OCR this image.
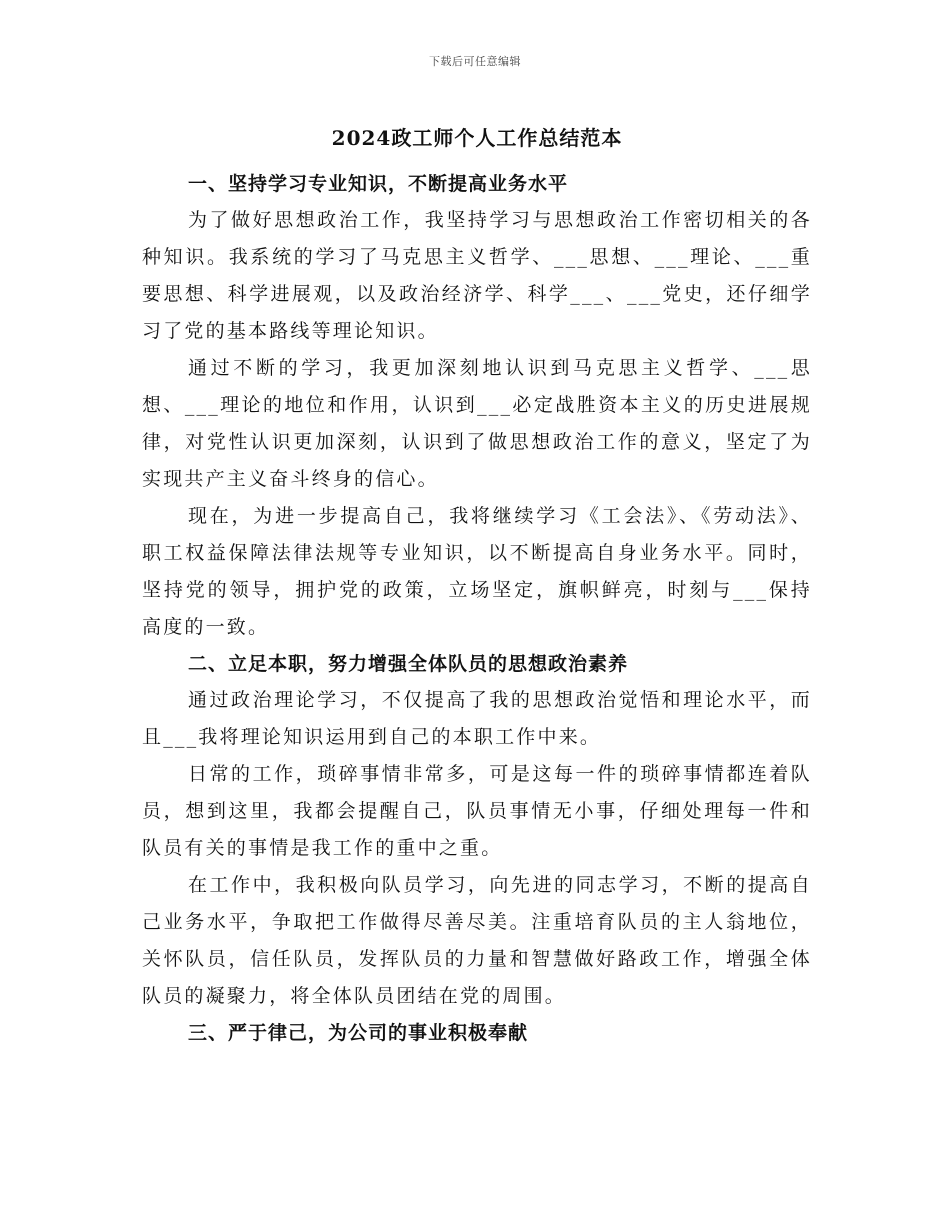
下载后可任意编辑
2024政工师个人工作总结范本
一、坚持学习专业知识，不断提高业务水平

为了做好思想政治工作，我坚持学习与思想政治工作密切相关的各种知识。我系统的学习了马克思主义哲学、___思想、___理论、___重要思想、科学进展观，以及政治经济学、科学___、___党史，还仔细学习了党的基本路线等理论知识。

通过不断的学习，我更加深刻地认识到马克思主义哲学、___思想、___理论的地位和作用，认识到___必定战胜资本主义的历史进展规律，对党性认识更加深刻，认识到了做思想政治工作的意义，坚定了为实现共产主义奋斗终身的信心。

现在，为进一步提高自己，我将继续学习《工会法》、《劳动法》、职工权益保障法律法规等专业知识，以不断提高自身业务水平。同时，坚持党的领导，拥护党的政策，立场坚定，旗帜鲜亮，时刻与___保持高度的一致。

二、立足本职，努力增强全体队员的思想政治素养

通过政治理论学习，不仅提高了我的思想政治觉悟和理论水平，而且___我将理论知识运用到自己的本职工作中来。

日常的工作，琐碎事情非常多，可是这每一件的琐碎事情都连着队员，想到这里，我都会提醒自己，队员事情无小事，仔细处理每一件和队员有关的事情是我工作的重中之重。

在工作中，我积极向队员学习，向先进的同志学习，不断的提高自己业务水平，争取把工作做得尽善尽美。注重培育队员的主人翁地位，关怀队员，信任队员，发挥队员的力量和智慧做好路政工作，增强全体队员的凝聚力，将全体队员团结在党的周围。

三、严于律己，为公司的事业积极奉献
